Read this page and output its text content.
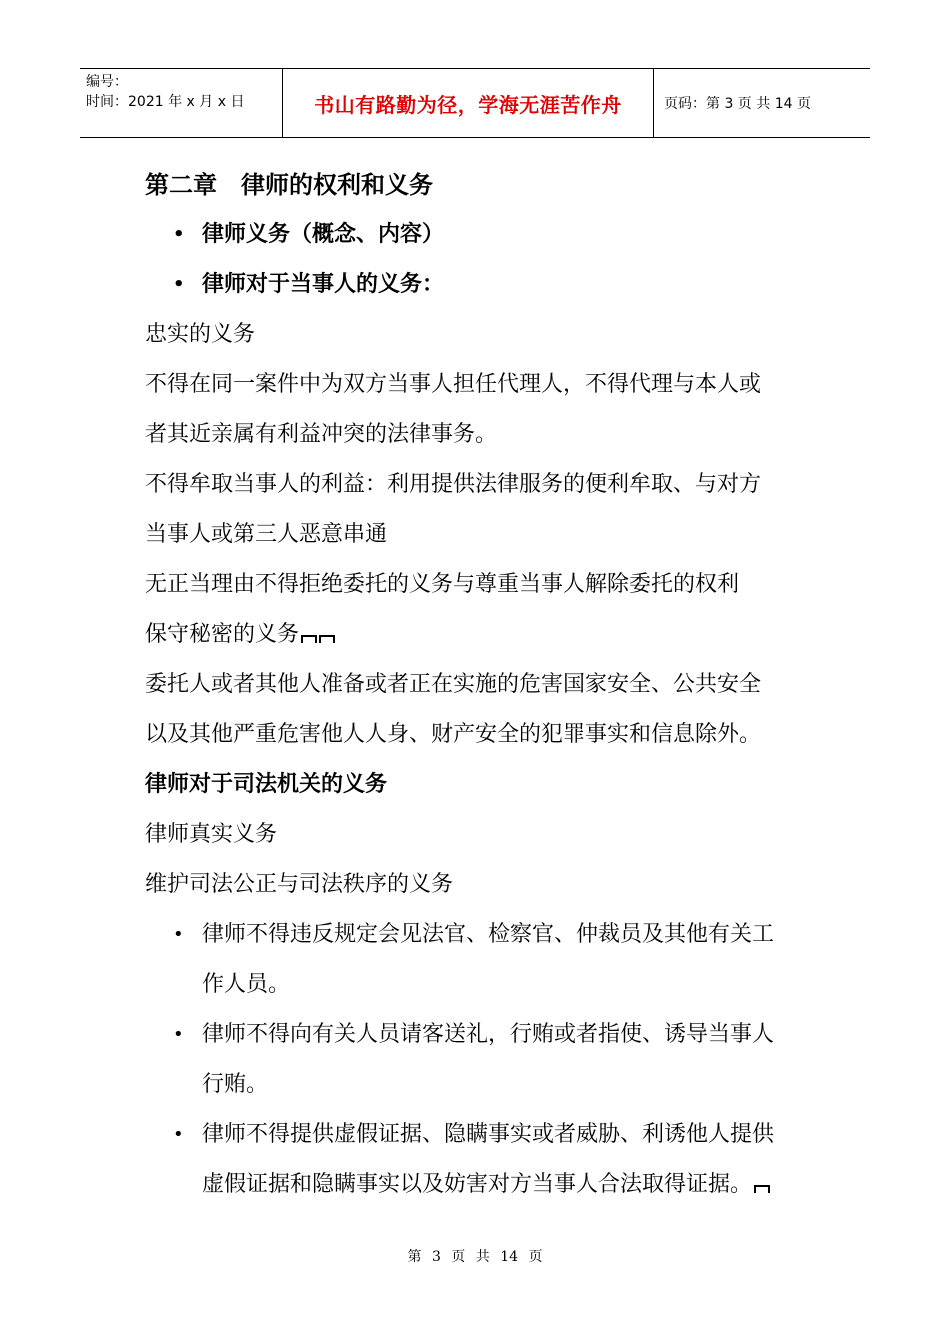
编号：
时间：2021 年 x 月 x 日	书山有路勤为径，学海无涯苦作舟	页码：第 3 页 共 14 页
第二章　律师的权利和义务
• 律师义务（概念、内容）
• 律师对于当事人的义务：
忠实的义务
不得在同一案件中为双方当事人担任代理人，不得代理与本人或
者其近亲属有利益冲突的法律事务。
不得牟取当事人的利益：利用提供法律服务的便利牟取、与对方
当事人或第三人恶意串通
无正当理由不得拒绝委托的义务与尊重当事人解除委托的权利
保守秘密的义务
委托人或者其他人准备或者正在实施的危害国家安全、公共安全
以及其他严重危害他人人身、财产安全的犯罪事实和信息除外。
律师对于司法机关的义务
律师真实义务
维护司法公正与司法秩序的义务
• 律师不得违反规定会见法官、检察官、仲裁员及其他有关工
作人员。
• 律师不得向有关人员请客送礼，行贿或者指使、诱导当事人
行贿。
• 律师不得提供虚假证据、隐瞒事实或者威胁、利诱他人提供
虚假证据和隐瞒事实以及妨害对方当事人合法取得证据。
第 3 页 共 14 页
